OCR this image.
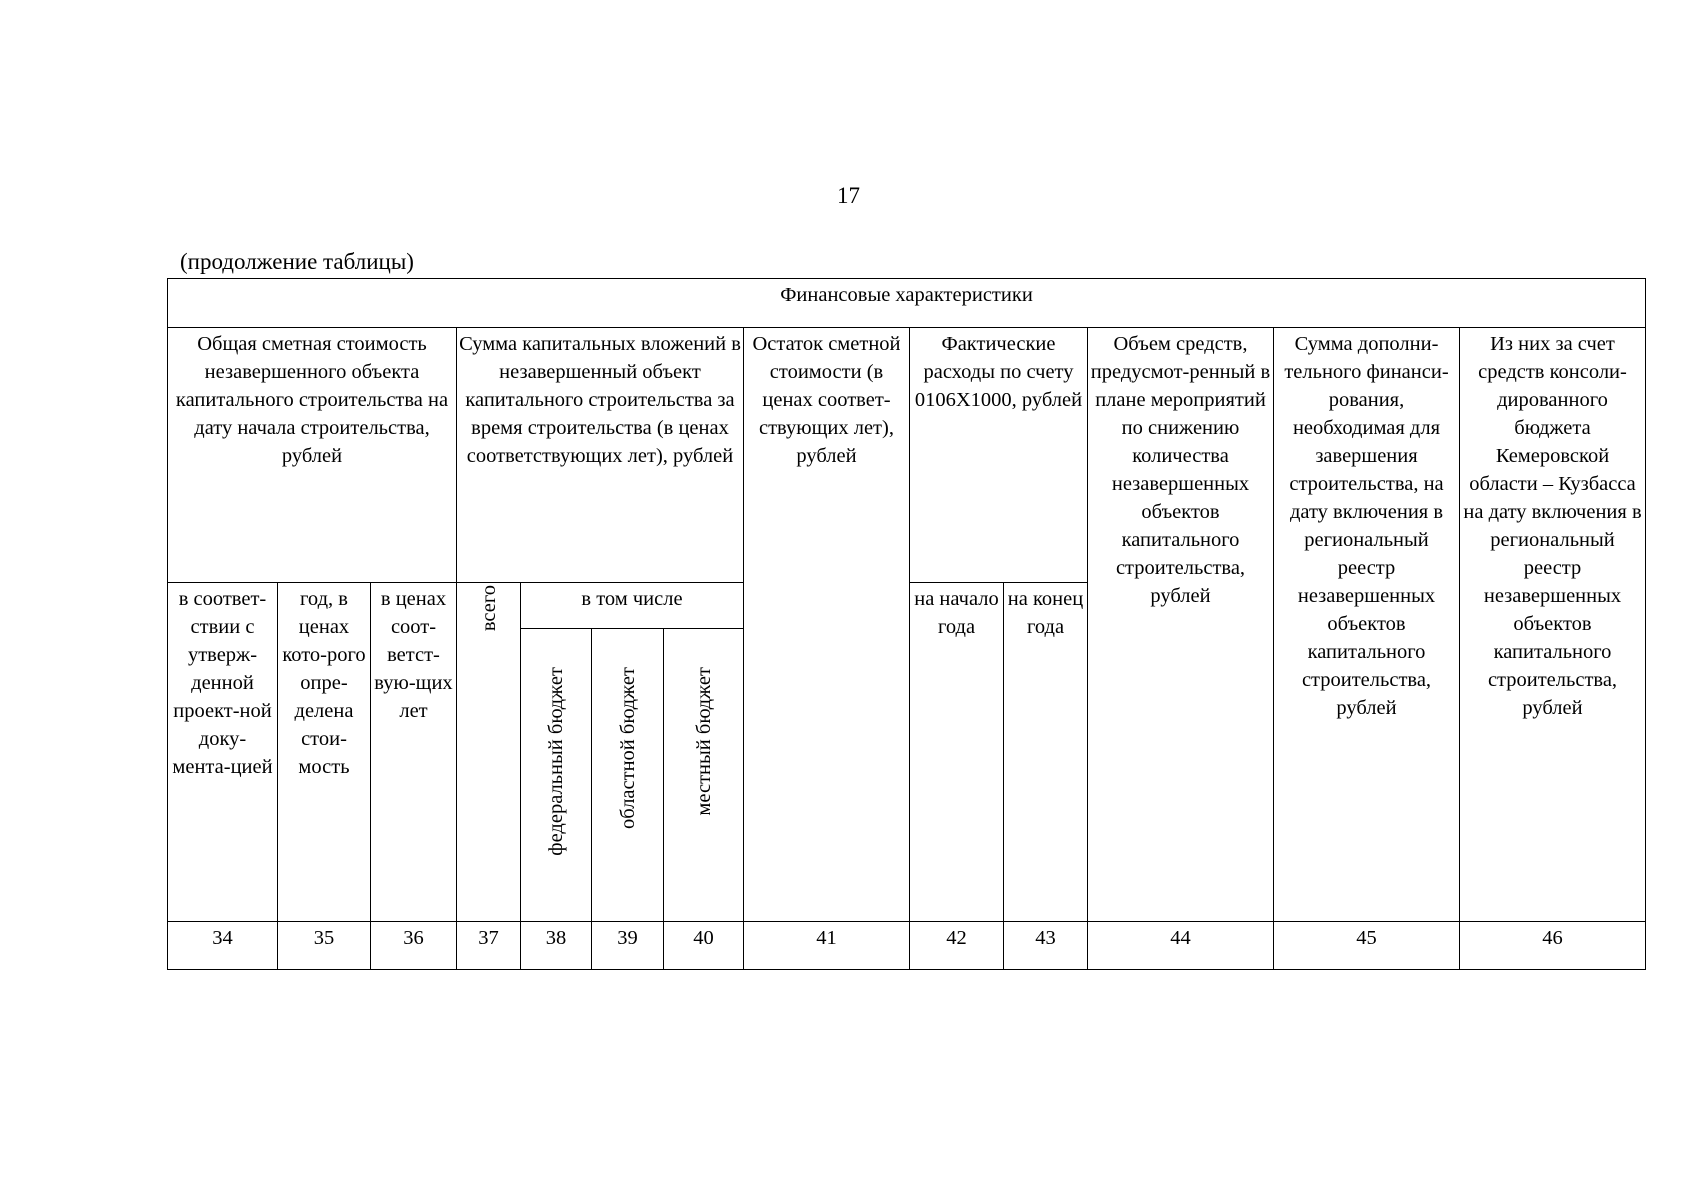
17
(продолжение таблицы)
Финансовые характеристики												
Общая сметная стоимость незавершенного объекта капитального строительства на дату начала строительства, рублей			Сумма капитальных вложений в незавершенный объект капитального строительства за время строительства (в ценах соответствующих лет), рублей				Остаток сметной стоимости (в ценах соответ-ствующих лет), рублей	Фактические расходы по счету 0106Х1000, рублей		Объем средств, предусмот-ренный в плане мероприятий по снижению количества незавершенных объектов капитального строительства, рублей	Сумма дополни-тельного финанси-рования, необходимая для завершения строительства, на дату включения в региональный реестр незавершенных объектов капитального строительства, рублей	Из них за счет средств консоли-дированного бюджета Кемеровской области – Кузбасса на дату включения в региональный реестр незавершенных объектов капитального строительства, рублей
в соответ-ствии с утверж-денной проект-ной доку-мента-цией	год, в ценах кото-рого опре-делена стои-мость	в ценах соот-ветст-вую-щих лет	всего	в том числе				на начало года	на конец года			
				федеральный бюджет	областной бюджет	местный бюджет						
34	35	36	37	38	39	40	41	42	43	44	45	46
